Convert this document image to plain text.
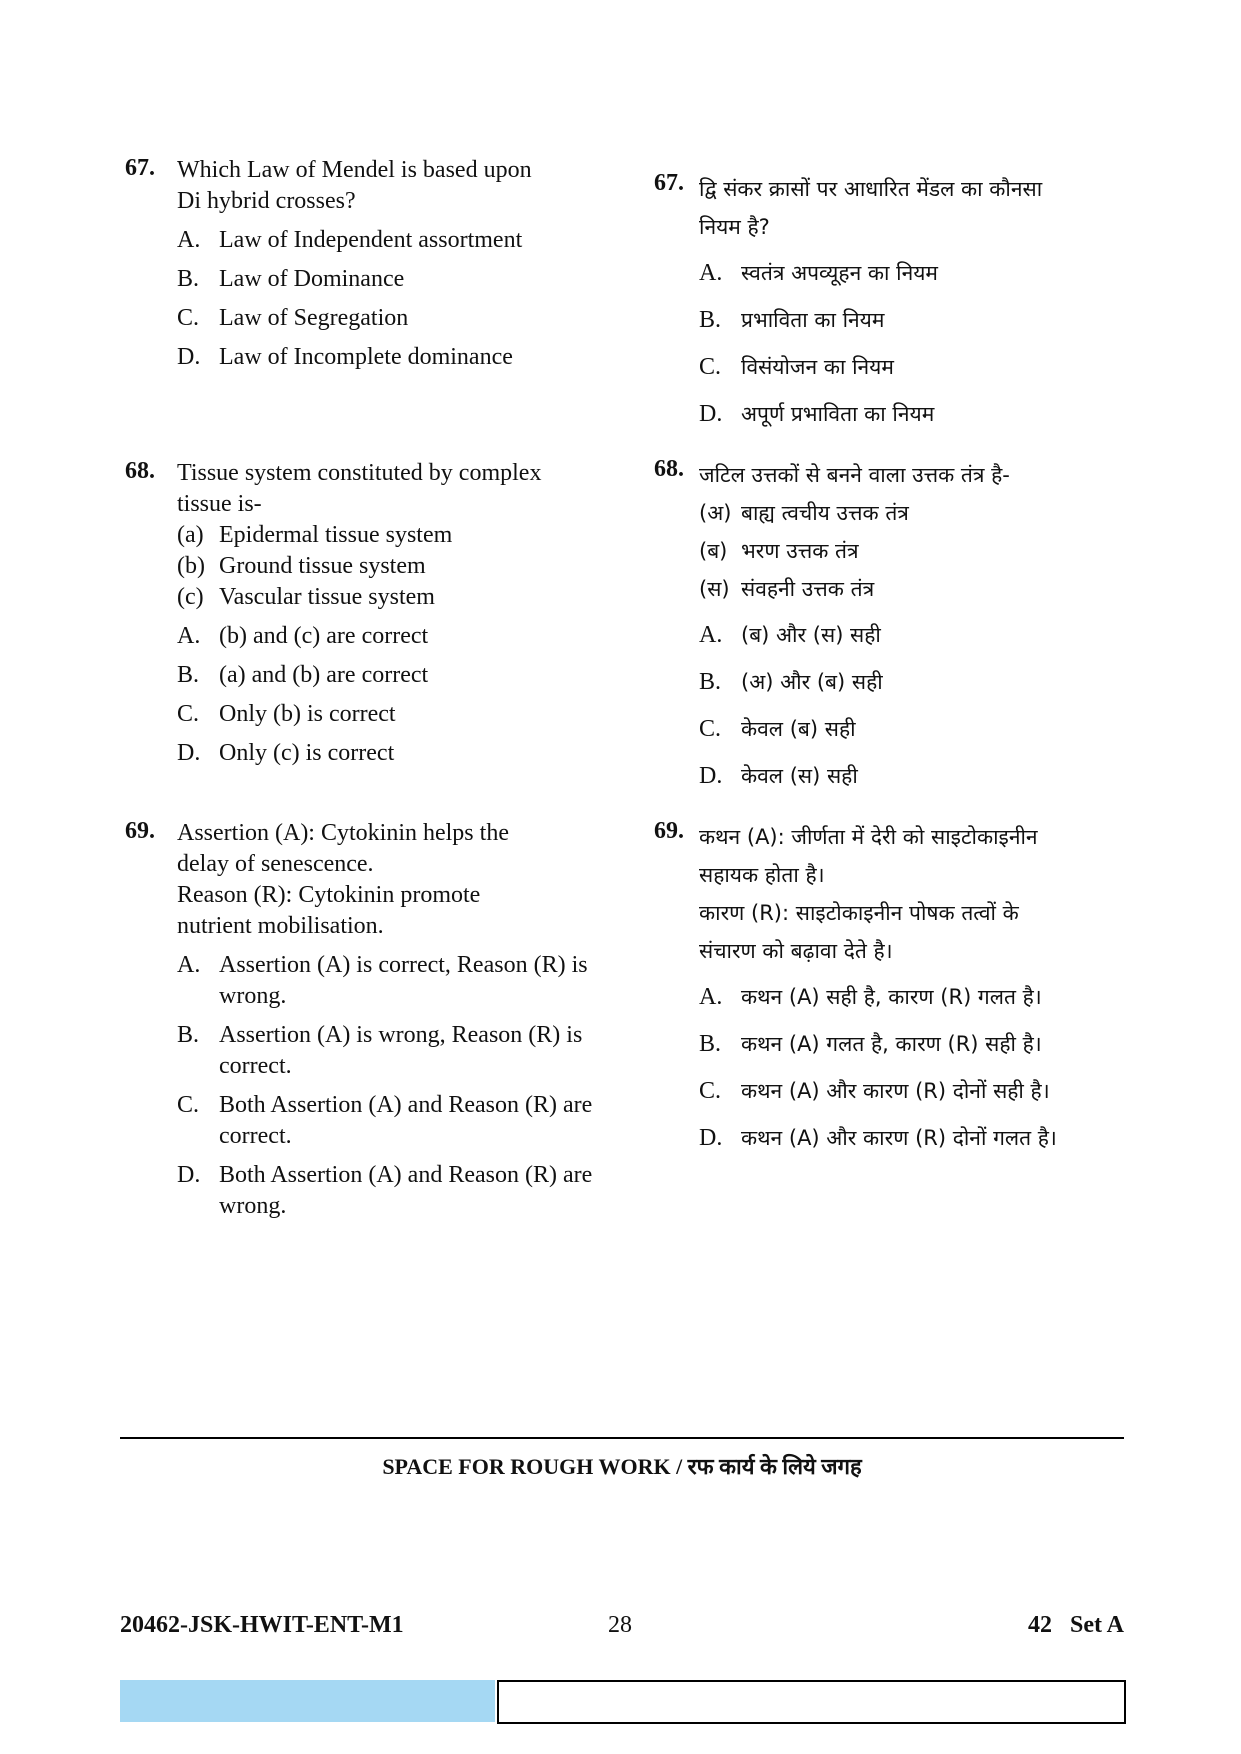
67. Which Law of Mendel is based upon
Di hybrid crosses?
A. Law of Independent assortment
B. Law of Dominance
C. Law of Segregation
D. Law of Incomplete dominance
68. Tissue system constituted by complex
tissue is-
(a) Epidermal tissue system
(b) Ground tissue system
(c) Vascular tissue system
A. (b) and (c) are correct
B. (a) and (b) are correct
C. Only (b) is correct
D. Only (c) is correct
69. Assertion (A): Cytokinin helps the
delay of senescence.
Reason (R): Cytokinin promote
nutrient mobilisation.
A. Assertion (A) is correct, Reason (R) is wrong.
B. Assertion (A) is wrong, Reason (R) is correct.
C. Both Assertion (A) and Reason (R) are correct.
D. Both Assertion (A) and Reason (R) are wrong.
67. द्वि संकर क्रासों पर आधारित मेंडल का कौनसा
नियम है?
A. स्वतंत्र अपव्यूहन का नियम
B. प्रभाविता का नियम
C. विसंयोजन का नियम
D. अपूर्ण प्रभाविता का नियम
68. जटिल उत्तकों से बनने वाला उत्तक तंत्र है-
(अ) बाह्य त्वचीय उत्तक तंत्र
(ब) भरण उत्तक तंत्र
(स) संवहनी उत्तक तंत्र
A. (ब) और (स) सही
B. (अ) और (ब) सही
C. केवल (ब) सही
D. केवल (स) सही
69. कथन (A): जीर्णता में देरी को साइटोकाइनीन
सहायक होता है।
कारण (R): साइटोकाइनीन पोषक तत्वों के
संचारण को बढ़ावा देते है।
A. कथन (A) सही है, कारण (R) गलत है।
B. कथन (A) गलत है, कारण (R) सही है।
C. कथन (A) और कारण (R) दोनों सही है।
D. कथन (A) और कारण (R) दोनों गलत है।
SPACE FOR ROUGH WORK / रफ कार्य के लिये जगह
20462-JSK-HWIT-ENT-M1	28	42   Set A
